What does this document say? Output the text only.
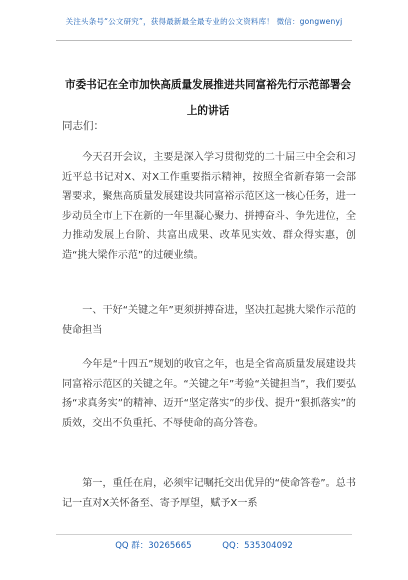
关注头条号“公文研究”，获得最新最全最专业的公文资料库！ 微信：gongwenyj
市委书记在全市加快高质量发展推进共同富裕先行示范部署会上的讲话
同志们：

今天召开会议，主要是深入学习贯彻党的二十届三中全会和习近平总书记对X、对X工作重要指示精神，按照全省新春第一会部署要求，聚焦高质量发展建设共同富裕示范区这一核心任务，进一步动员全市上下在新的一年里凝心聚力、拼搏奋斗、争先进位，全力推动发展上台阶、共富出成果、改革见实效、群众得实惠，创造“挑大梁作示范”的过硬业绩。

一、干好“关键之年”更须拼搏奋进，坚决扛起挑大梁作示范的使命担当

今年是“十四五”规划的收官之年，也是全省高质量发展建设共同富裕示范区的关键之年。“关键之年”考验“关键担当”，我们要弘扬“求真务实”的精神、迈开“坚定落实”的步伐、提升“狠抓落实”的质效，交出不负重托、不辱使命的高分答卷。

第一，重任在肩，必须牢记嘱托交出优异的“使命答卷”。总书记一直对X关怀备至、寄予厚望，赋予X一系

QQ 群：30265665	QQ：535304092
